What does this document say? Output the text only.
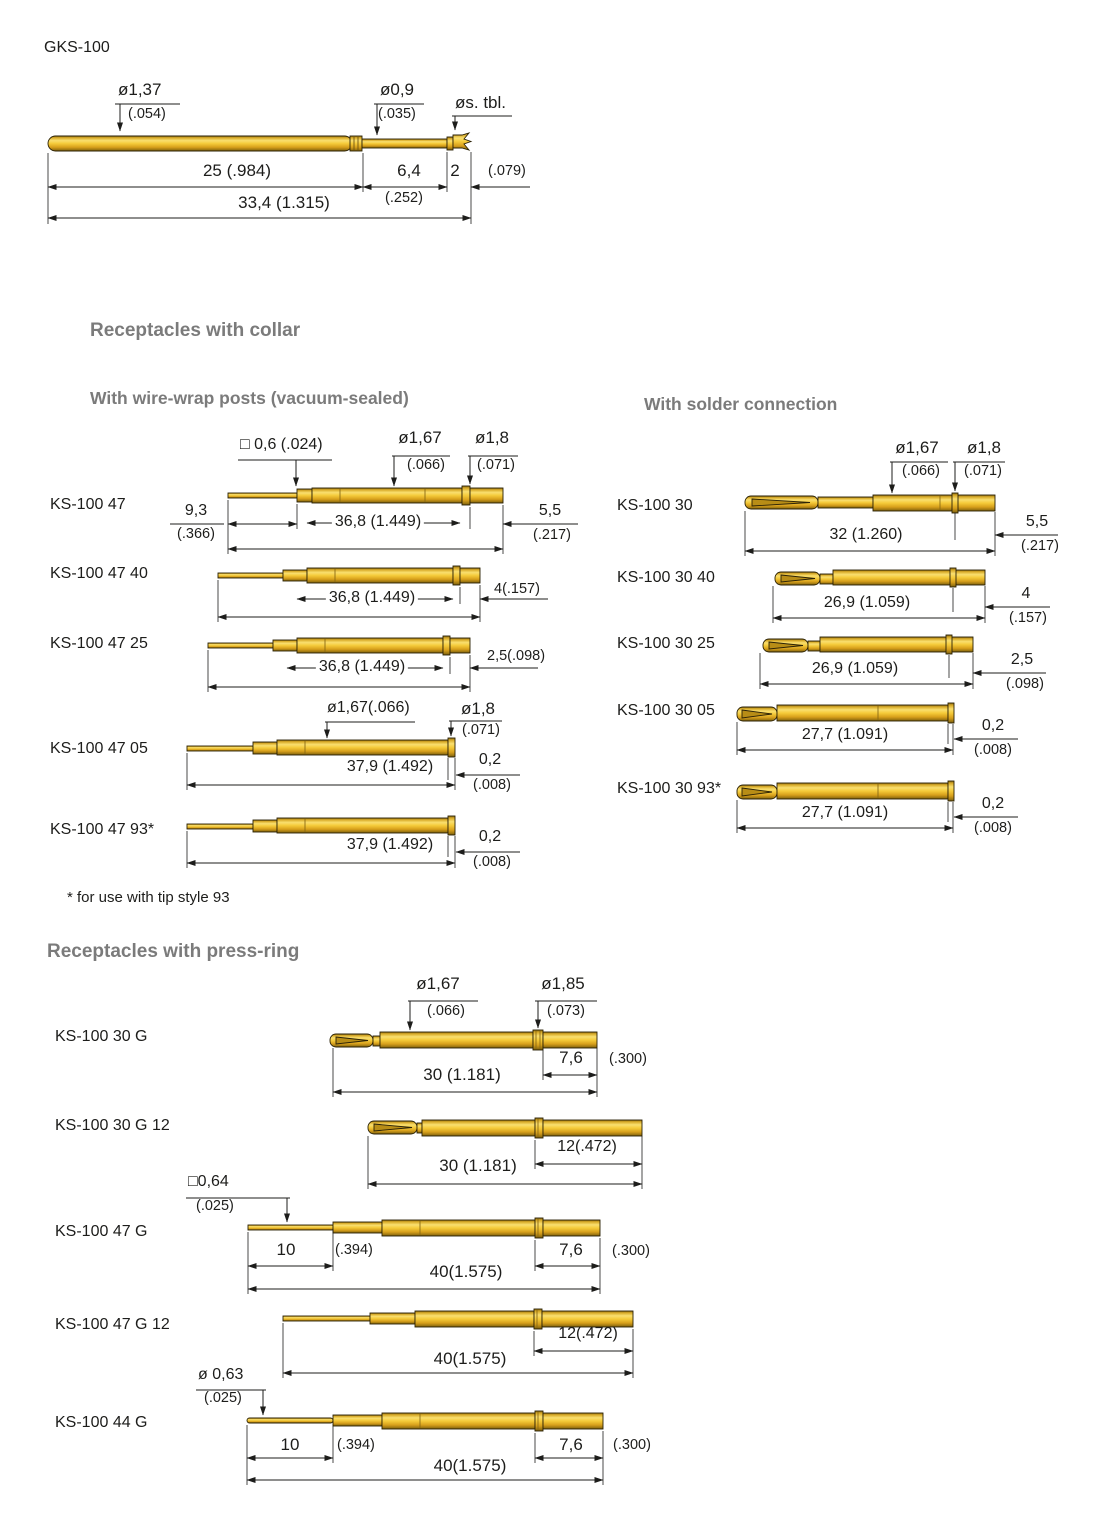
GKS-100
ø1,37
(.054)
ø0,9
(.035)
øs. tbl.
25 (.984)	6,4
(.252)
2 (.079)
33,4 (1.315)
Receptacles with collar
With wire-wrap posts (vacuum-sealed)	With solder connection
* for use with tip style 93
Receptacles with press-ring
KS-100 47
□ 0,6 (.024)	ø1,67
(.066)
ø1,8
(.071)
9,3
(.366)
36,8 (1.449)
5,5
(.217)
KS-100 47 40
36,8 (1.449)	4(.157)
KS-100 47 25
36,8 (1.449)
2,5(.098)
KS-100 47 05
ø1,67(.066)	ø1,8
(.071)
37,9 (1.492)	0,2
(.008)
KS-100 47 93*
37,9 (1.492)	0,2
(.008)
KS-100 30
ø1,67
(.066)
ø1,8
(.071)
32 (1.260)
5,5
(.217)
KS-100 30 40
26,9 (1.059)
4
(.157)
KS-100 30 25
26,9 (1.059)
2,5
(.098)
KS-100 30 05
27,7 (1.091)
0,2
(.008)
KS-100 30 93*
27,7 (1.091)
0,2
(.008)
KS-100 30 G
ø1,67
(.066)
ø1,85
(.073)
30 (1.181)
7,6 (.300)
KS-100 30 G 12
30 (1.181)
12(.472)
KS-100 47 G
□0,64
(.025)
10	(.394)
40(1.575)
7,6 (.300)
KS-100 47 G 12
40(1.575)
12(.472)
KS-100 44 G
ø 0,63
(.025)
10	(.394)
40(1.575)
7,6 (.300)
